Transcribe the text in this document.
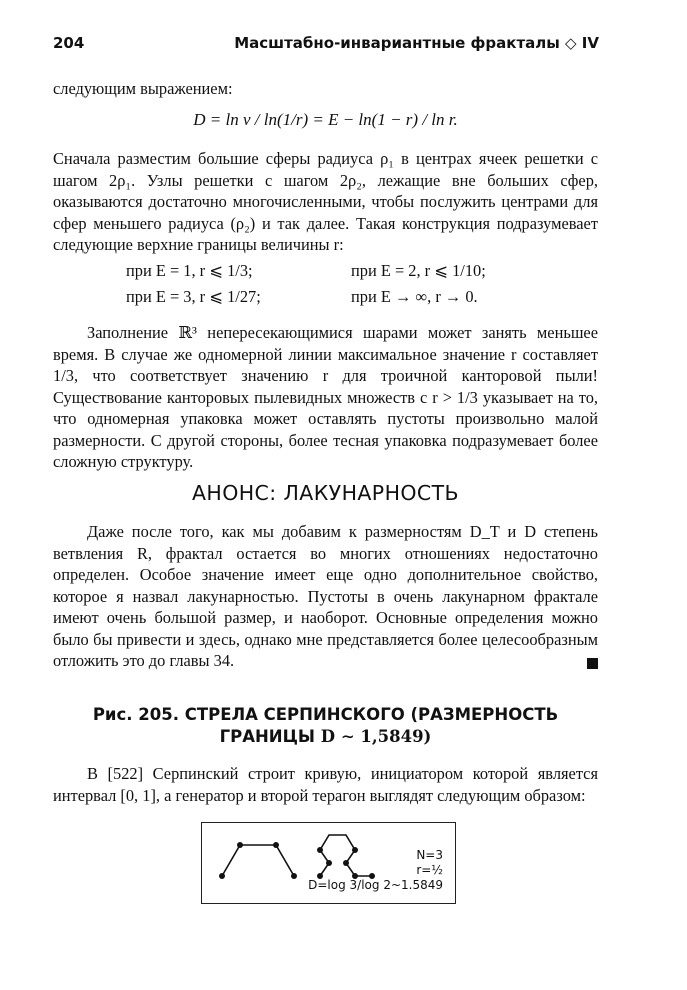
204	Масштабно-инвариантные фракталы ◇ IV

следующим выражением:

D = ln ν / ln(1/r) = E − ln(1 − r) / ln r.

Сначала разместим большие сферы радиуса ρ₁ в центрах ячеек решетки с шагом 2ρ₁. Узлы решетки с шагом 2ρ₂, лежащие вне больших сфер, оказываются достаточно многочисленными, чтобы послужить центрами для сфер меньшего радиуса (ρ₂) и так далее. Такая конструкция подразумевает следующие верхние границы величины r:

при E = 1, r ⩽ 1/3;	при E = 2, r ⩽ 1/10;
при E = 3, r ⩽ 1/27;	при E → ∞, r → 0.

Заполнение ℝ³ непересекающимися шарами может занять меньшее время. В случае же одномерной линии максимальное значение r составляет 1/3, что соответствует значению r для троичной канторовой пыли! Существование канторовых пылевидных множеств с r > 1/3 указывает на то, что одномерная упаковка может оставлять пустоты произвольно малой размерности. С другой стороны, более тесная упаковка подразумевает более сложную структуру.

АНОНС: ЛАКУНАРНОСТЬ

Даже после того, как мы добавим к размерностям D_T и D степень ветвления R, фрактал остается во многих отношениях недостаточно определен. Особое значение имеет еще одно дополнительное свойство, которое я назвал лакунарностью. Пустоты в очень лакунарном фрактале имеют очень большой размер, и наоборот. Основные определения можно было бы привести и здесь, однако мне представляется более целесообразным отложить это до главы 34.

Рис. 205. СТРЕЛА СЕРПИНСКОГО (РАЗМЕРНОСТЬ
ГРАНИЦЫ D ∼ 1,5849)

В [522] Серпинский строит кривую, инициатором которой является интервал [0, 1], а генератор и второй терагон выглядят следующим образом:

N=3
r=½
D=log 3/log 2~1.5849
